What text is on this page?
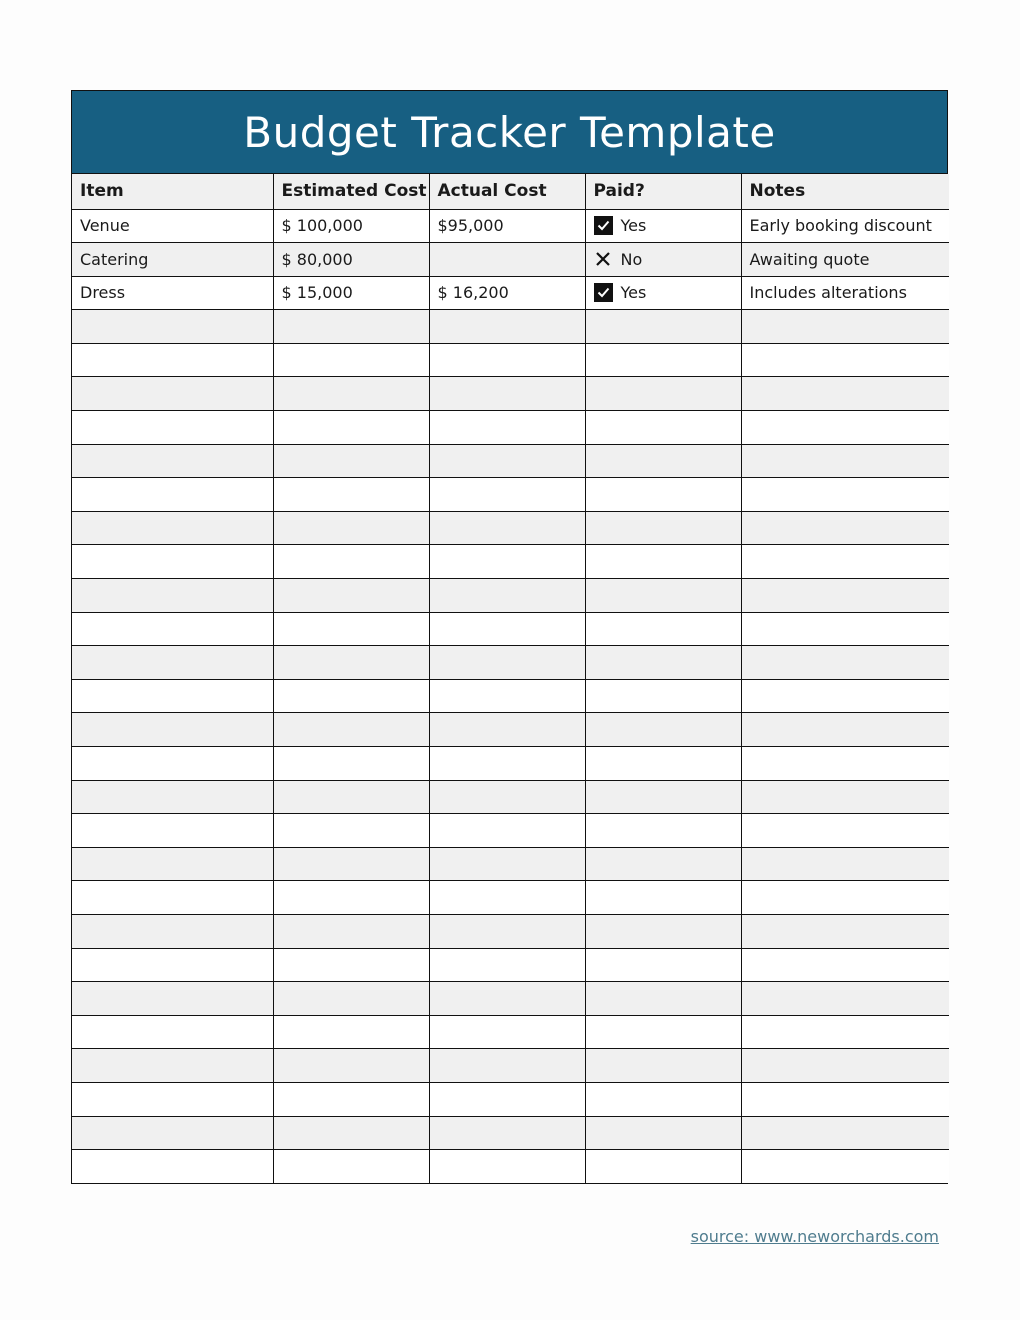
Budget Tracker Template
Item	Estimated Cost	Actual Cost	Paid?	Notes
Venue	$ 100,000	$95,000	Yes	Early booking discount
Catering	$ 80,000		No	Awaiting quote
Dress	$ 15,000	$ 16,200	Yes	Includes alterations

source: www.neworchards.com
